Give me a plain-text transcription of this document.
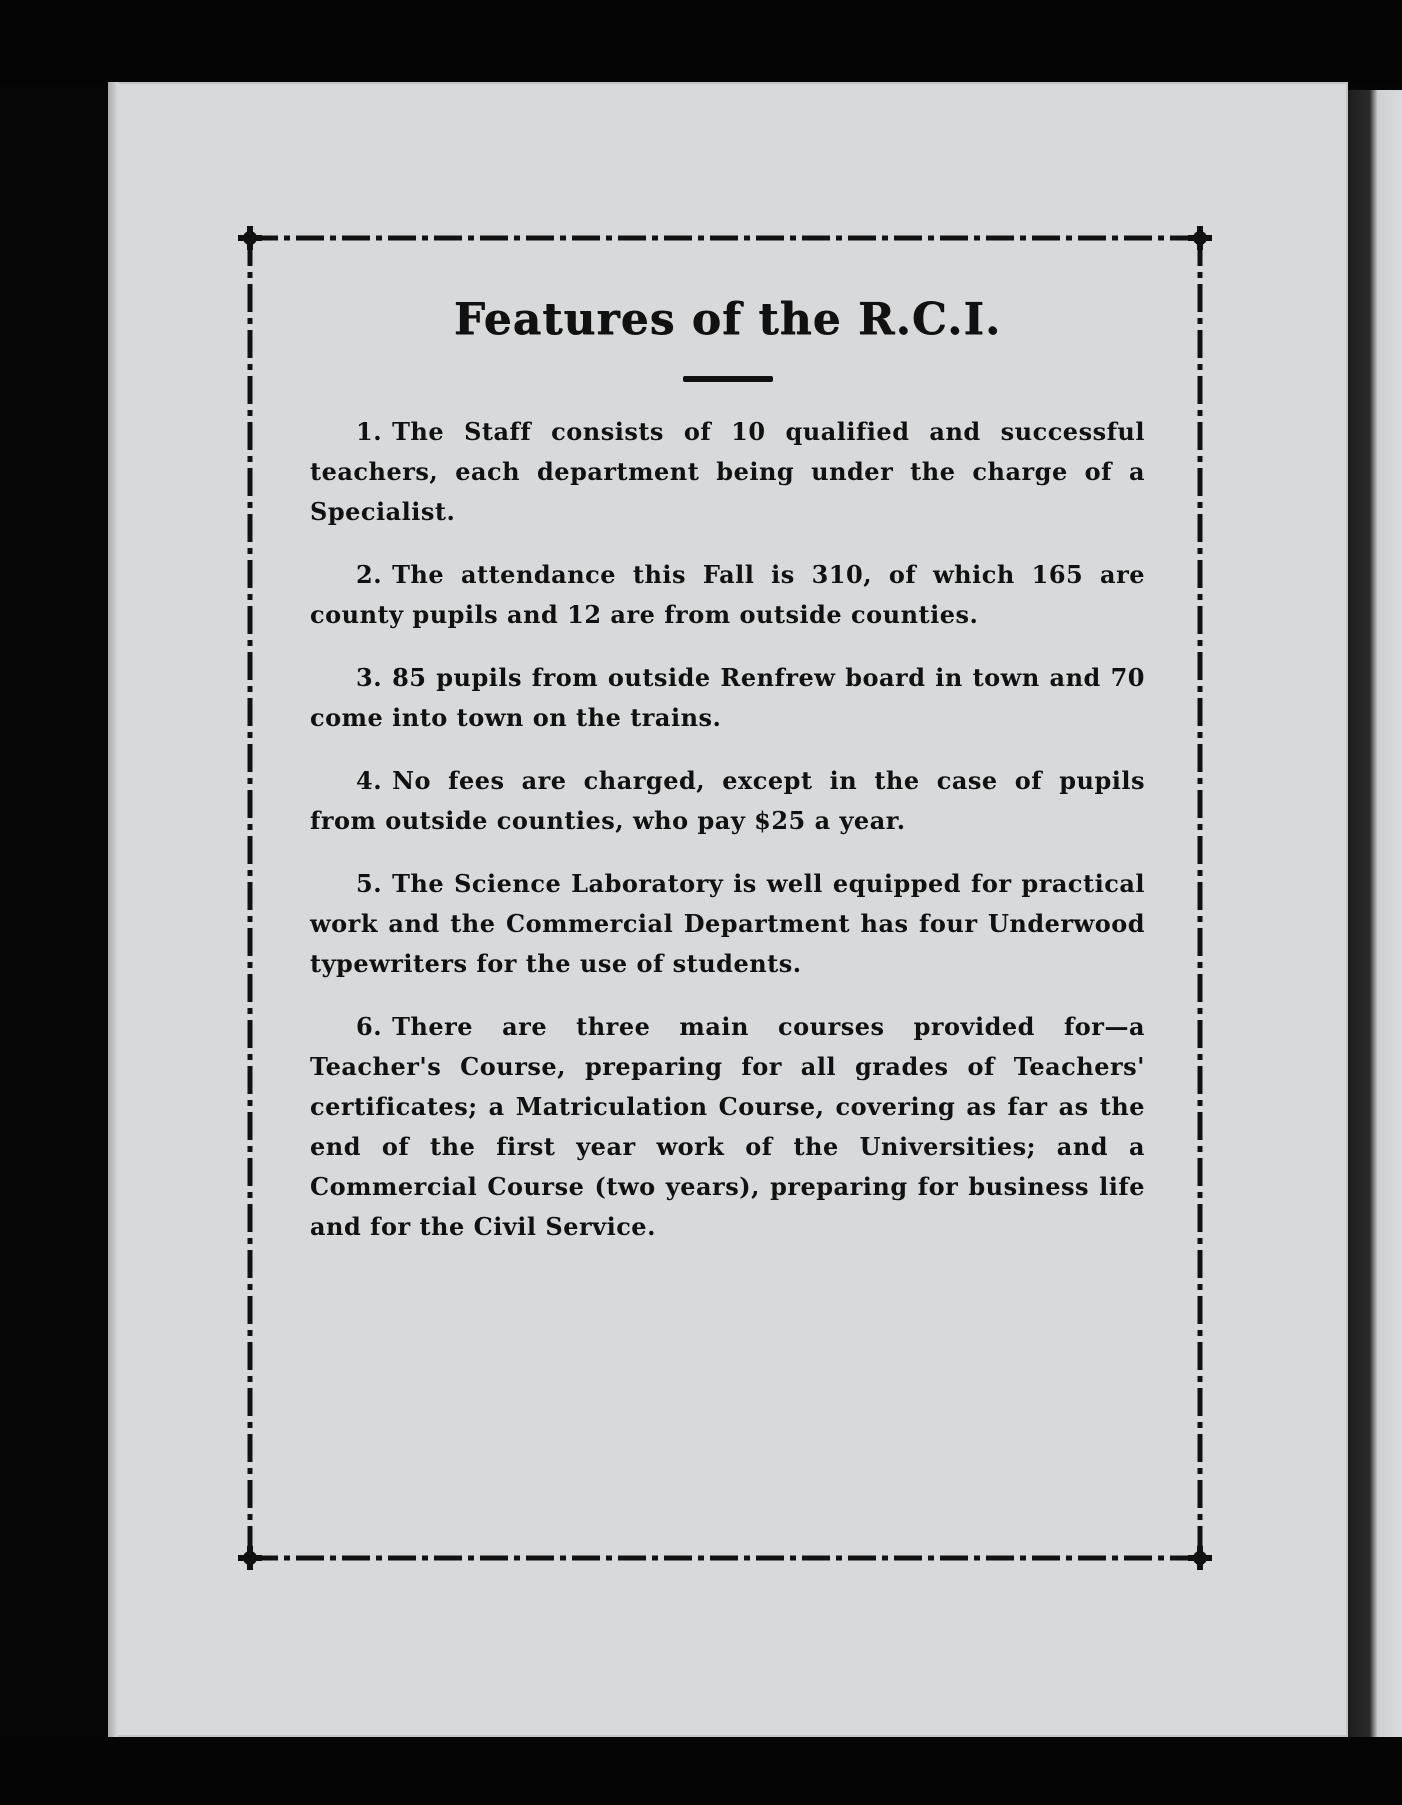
Features of the R.C.I.
1. The Staff consists of 10 qualified and successful teachers, each department being under the charge of a Specialist.
2. The attendance this Fall is 310, of which 165 are county pupils and 12 are from outside counties.
3. 85 pupils from outside Renfrew board in town and 70 come into town on the trains.
4. No fees are charged, except in the case of pupils from outside counties, who pay $25 a year.
5. The Science Laboratory is well equipped for practical work and the Commercial Department has four Underwood typewriters for the use of students.
6. There are three main courses provided for—a Teacher's Course, preparing for all grades of Teachers' certificates; a Matriculation Course, covering as far as the end of the first year work of the Universities; and a Commercial Course (two years), preparing for business life and for the Civil Service.
